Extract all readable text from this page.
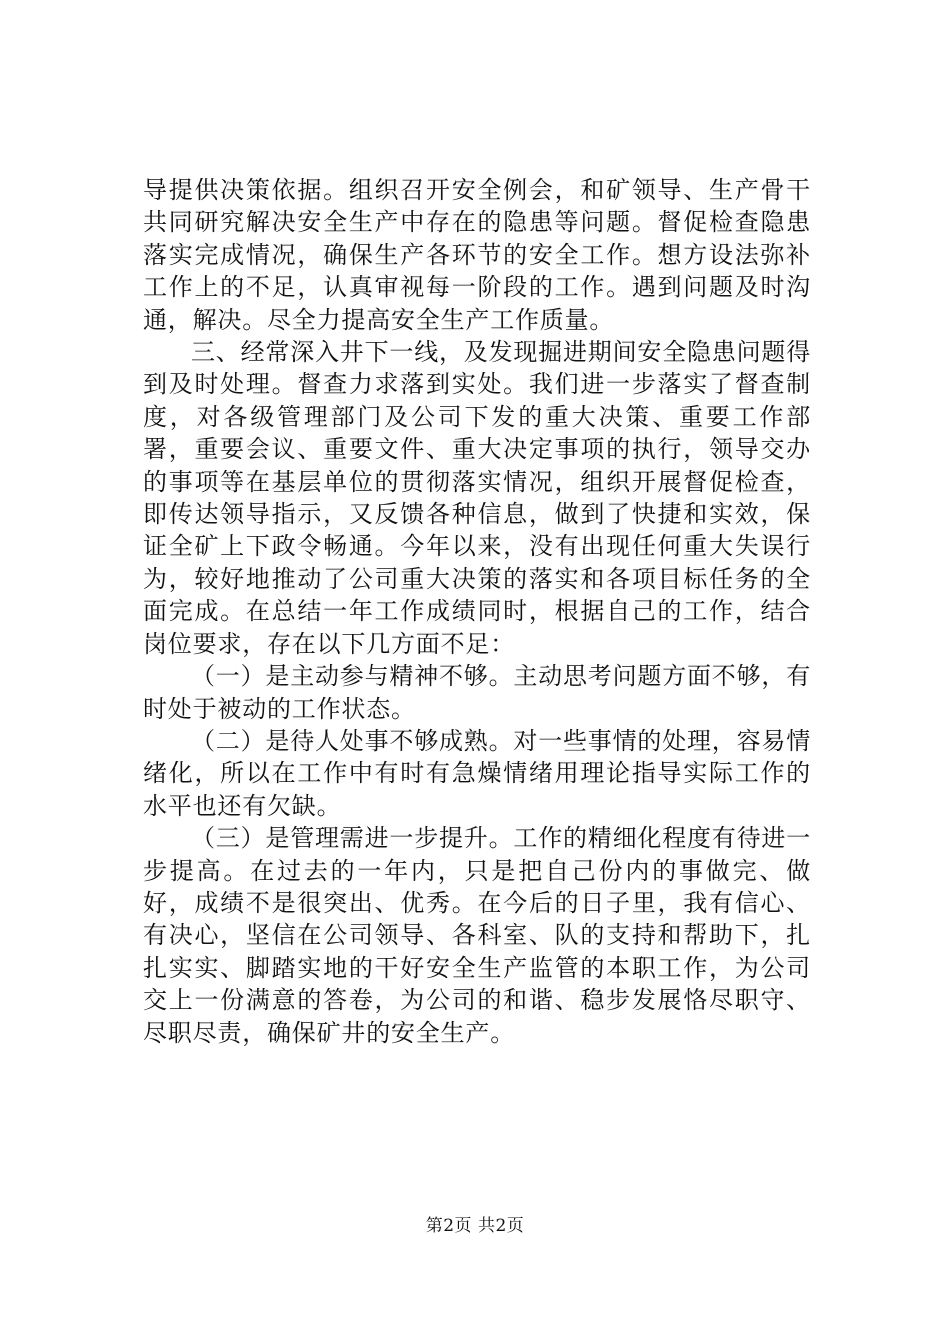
导提供决策依据。组织召开安全例会，和矿领导、生产骨干共同研究解决安全生产中存在的隐患等问题。督促检查隐患落实完成情况，确保生产各环节的安全工作。想方设法弥补工作上的不足，认真审视每一阶段的工作。遇到问题及时沟通，解决。尽全力提高安全生产工作质量。

三、经常深入井下一线，及发现掘进期间安全隐患问题得到及时处理。督查力求落到实处。我们进一步落实了督查制度，对各级管理部门及公司下发的重大决策、重要工作部署，重要会议、重要文件、重大决定事项的执行，领导交办的事项等在基层单位的贯彻落实情况，组织开展督促检查，即传达领导指示，又反馈各种信息，做到了快捷和实效，保证全矿上下政令畅通。今年以来，没有出现任何重大失误行为，较好地推动了公司重大决策的落实和各项目标任务的全面完成。在总结一年工作成绩同时，根据自己的工作，结合岗位要求，存在以下几方面不足：

（一）是主动参与精神不够。主动思考问题方面不够，有时处于被动的工作状态。

（二）是待人处事不够成熟。对一些事情的处理，容易情绪化，所以在工作中有时有急燥情绪用理论指导实际工作的水平也还有欠缺。

（三）是管理需进一步提升。工作的精细化程度有待进一步提高。在过去的一年内，只是把自己份内的事做完、做好，成绩不是很突出、优秀。在今后的日子里，我有信心、有决心，坚信在公司领导、各科室、队的支持和帮助下，扎扎实实、脚踏实地的干好安全生产监管的本职工作，为公司交上一份满意的答卷，为公司的和谐、稳步发展恪尽职守、尽职尽责，确保矿井的安全生产。

第2页 共2页
